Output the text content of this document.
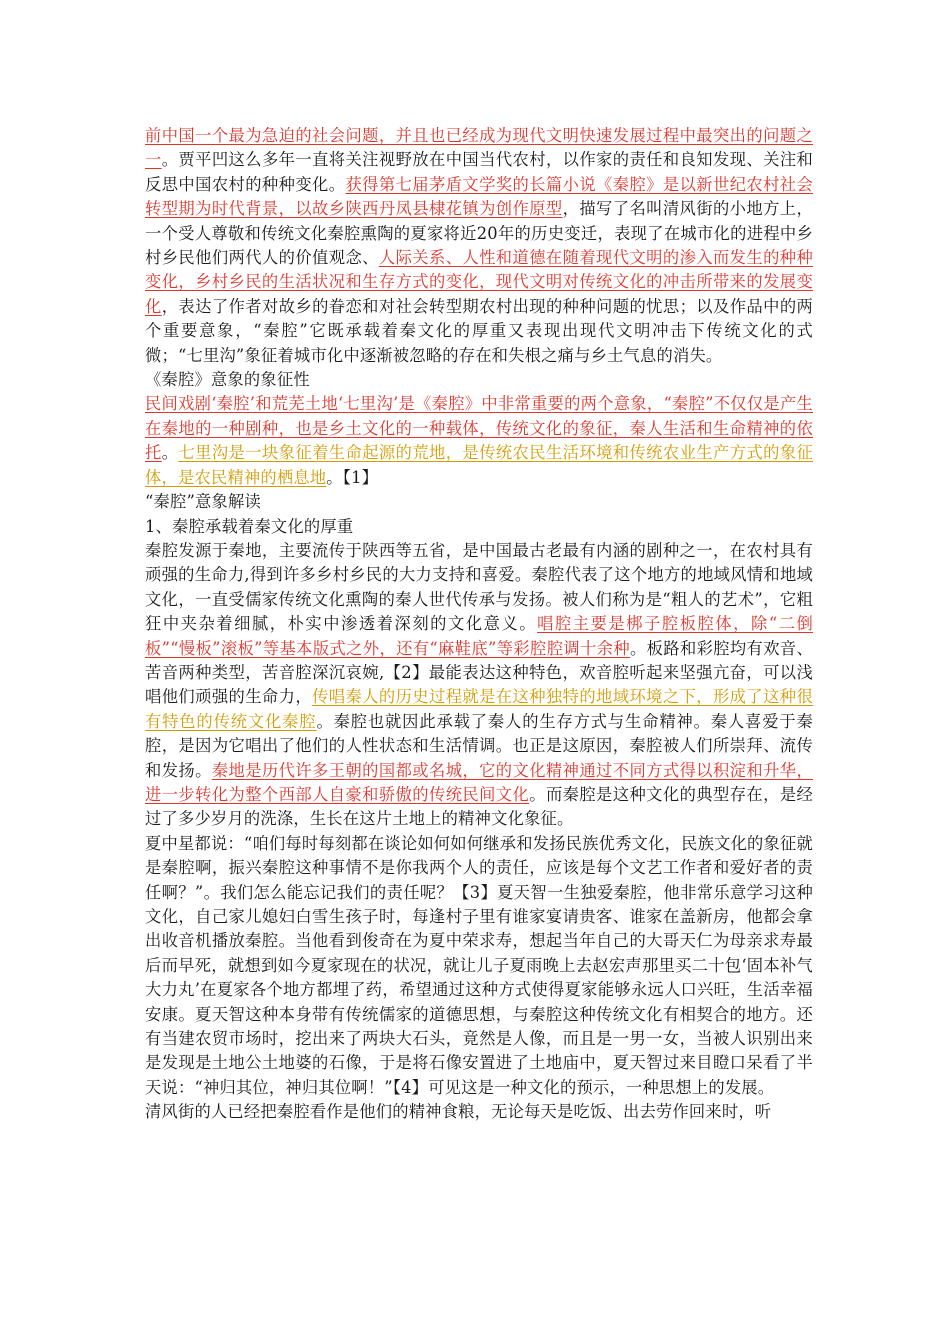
前中国一个最为急迫的社会问题，并且也已经成为现代文明快速发展过程中最突出的问题之一。贾平凹这么多年一直将关注视野放在中国当代农村，以作家的责任和良知发现、关注和反思中国农村的种种变化。获得第七届茅盾文学奖的长篇小说《秦腔》是以新世纪农村社会转型期为时代背景，以故乡陕西丹凤县棣花镇为创作原型，描写了名叫清风街的小地方上，一个受人尊敬和传统文化秦腔熏陶的夏家将近20年的历史变迁，表现了在城市化的进程中乡村乡民他们两代人的价值观念、人际关系、人性和道德在随着现代文明的渗入而发生的种种变化，乡村乡民的生活状况和生存方式的变化，现代文明对传统文化的冲击所带来的发展变化，表达了作者对故乡的眷恋和对社会转型期农村出现的种种问题的忧思；以及作品中的两个重要意象，“秦腔”它既承载着秦文化的厚重又表现出现代文明冲击下传统文化的式微；“七里沟”象征着城市化中逐渐被忽略的存在和失根之痛与乡土气息的消失。

《秦腔》意象的象征性

民间戏剧‘秦腔’和荒芜土地‘七里沟’是《秦腔》中非常重要的两个意象，“秦腔”不仅仅是产生在秦地的一种剧种，也是乡土文化的一种载体，传统文化的象征，秦人生活和生命精神的依托。七里沟是一块象征着生命起源的荒地，是传统农民生活环境和传统农业生产方式的象征体，是农民精神的栖息地。【1】

“秦腔”意象解读

1、秦腔承载着秦文化的厚重

秦腔发源于秦地，主要流传于陕西等五省，是中国最古老最有内涵的剧种之一，在农村具有顽强的生命力,得到许多乡村乡民的大力支持和喜爱。秦腔代表了这个地方的地域风情和地域文化，一直受儒家传统文化熏陶的秦人世代传承与发扬。被人们称为是“粗人的艺术”，它粗狂中夹杂着细腻，朴实中渗透着深刻的文化意义。唱腔主要是梆子腔板腔体，除“二倒板”“慢板”滚板”等基本版式之外，还有“麻鞋底”等彩腔腔调十余种。板路和彩腔均有欢音、苦音两种类型，苦音腔深沉哀婉,【2】最能表达这种特色，欢音腔听起来坚强亢奋，可以浅唱他们顽强的生命力，传唱秦人的历史过程就是在这种独特的地域环境之下，形成了这种很有特色的传统文化秦腔。秦腔也就因此承载了秦人的生存方式与生命精神。秦人喜爱于秦腔，是因为它唱出了他们的人性状态和生活情调。也正是这原因，秦腔被人们所崇拜、流传和发扬。秦地是历代许多王朝的国都或名城，它的文化精神通过不同方式得以积淀和升华，进一步转化为整个西部人自豪和骄傲的传统民间文化。而秦腔是这种文化的典型存在，是经过了多少岁月的洗涤，生长在这片土地上的精神文化象征。

夏中星都说：“咱们每时每刻都在谈论如何如何继承和发扬民族优秀文化，民族文化的象征就是秦腔啊，振兴秦腔这种事情不是你我两个人的责任，应该是每个文艺工作者和爱好者的责任啊？”。我们怎么能忘记我们的责任呢？【3】夏天智一生独爱秦腔，他非常乐意学习这种文化，自己家儿媳妇白雪生孩子时，每逢村子里有谁家宴请贵客、谁家在盖新房，他都会拿出收音机播放秦腔。当他看到俊奇在为夏中荣求寿，想起当年自己的大哥天仁为母亲求寿最后而早死，就想到如今夏家现在的状况，就让儿子夏雨晚上去赵宏声那里买二十包‘固本补气大力丸’在夏家各个地方都埋了药，希望通过这种方式使得夏家能够永远人口兴旺，生活幸福安康。夏天智这种本身带有传统儒家的道德思想，与秦腔这种传统文化有相契合的地方。还有当建农贸市场时，挖出来了两块大石头，竟然是人像，而且是一男一女，当被人识别出来是发现是土地公土地婆的石像，于是将石像安置进了土地庙中，夏天智过来目瞪口呆看了半天说：“神归其位，神归其位啊！”【4】可见这是一种文化的预示，一种思想上的发展。

清风街的人已经把秦腔看作是他们的精神食粮，无论每天是吃饭、出去劳作回来时，听
